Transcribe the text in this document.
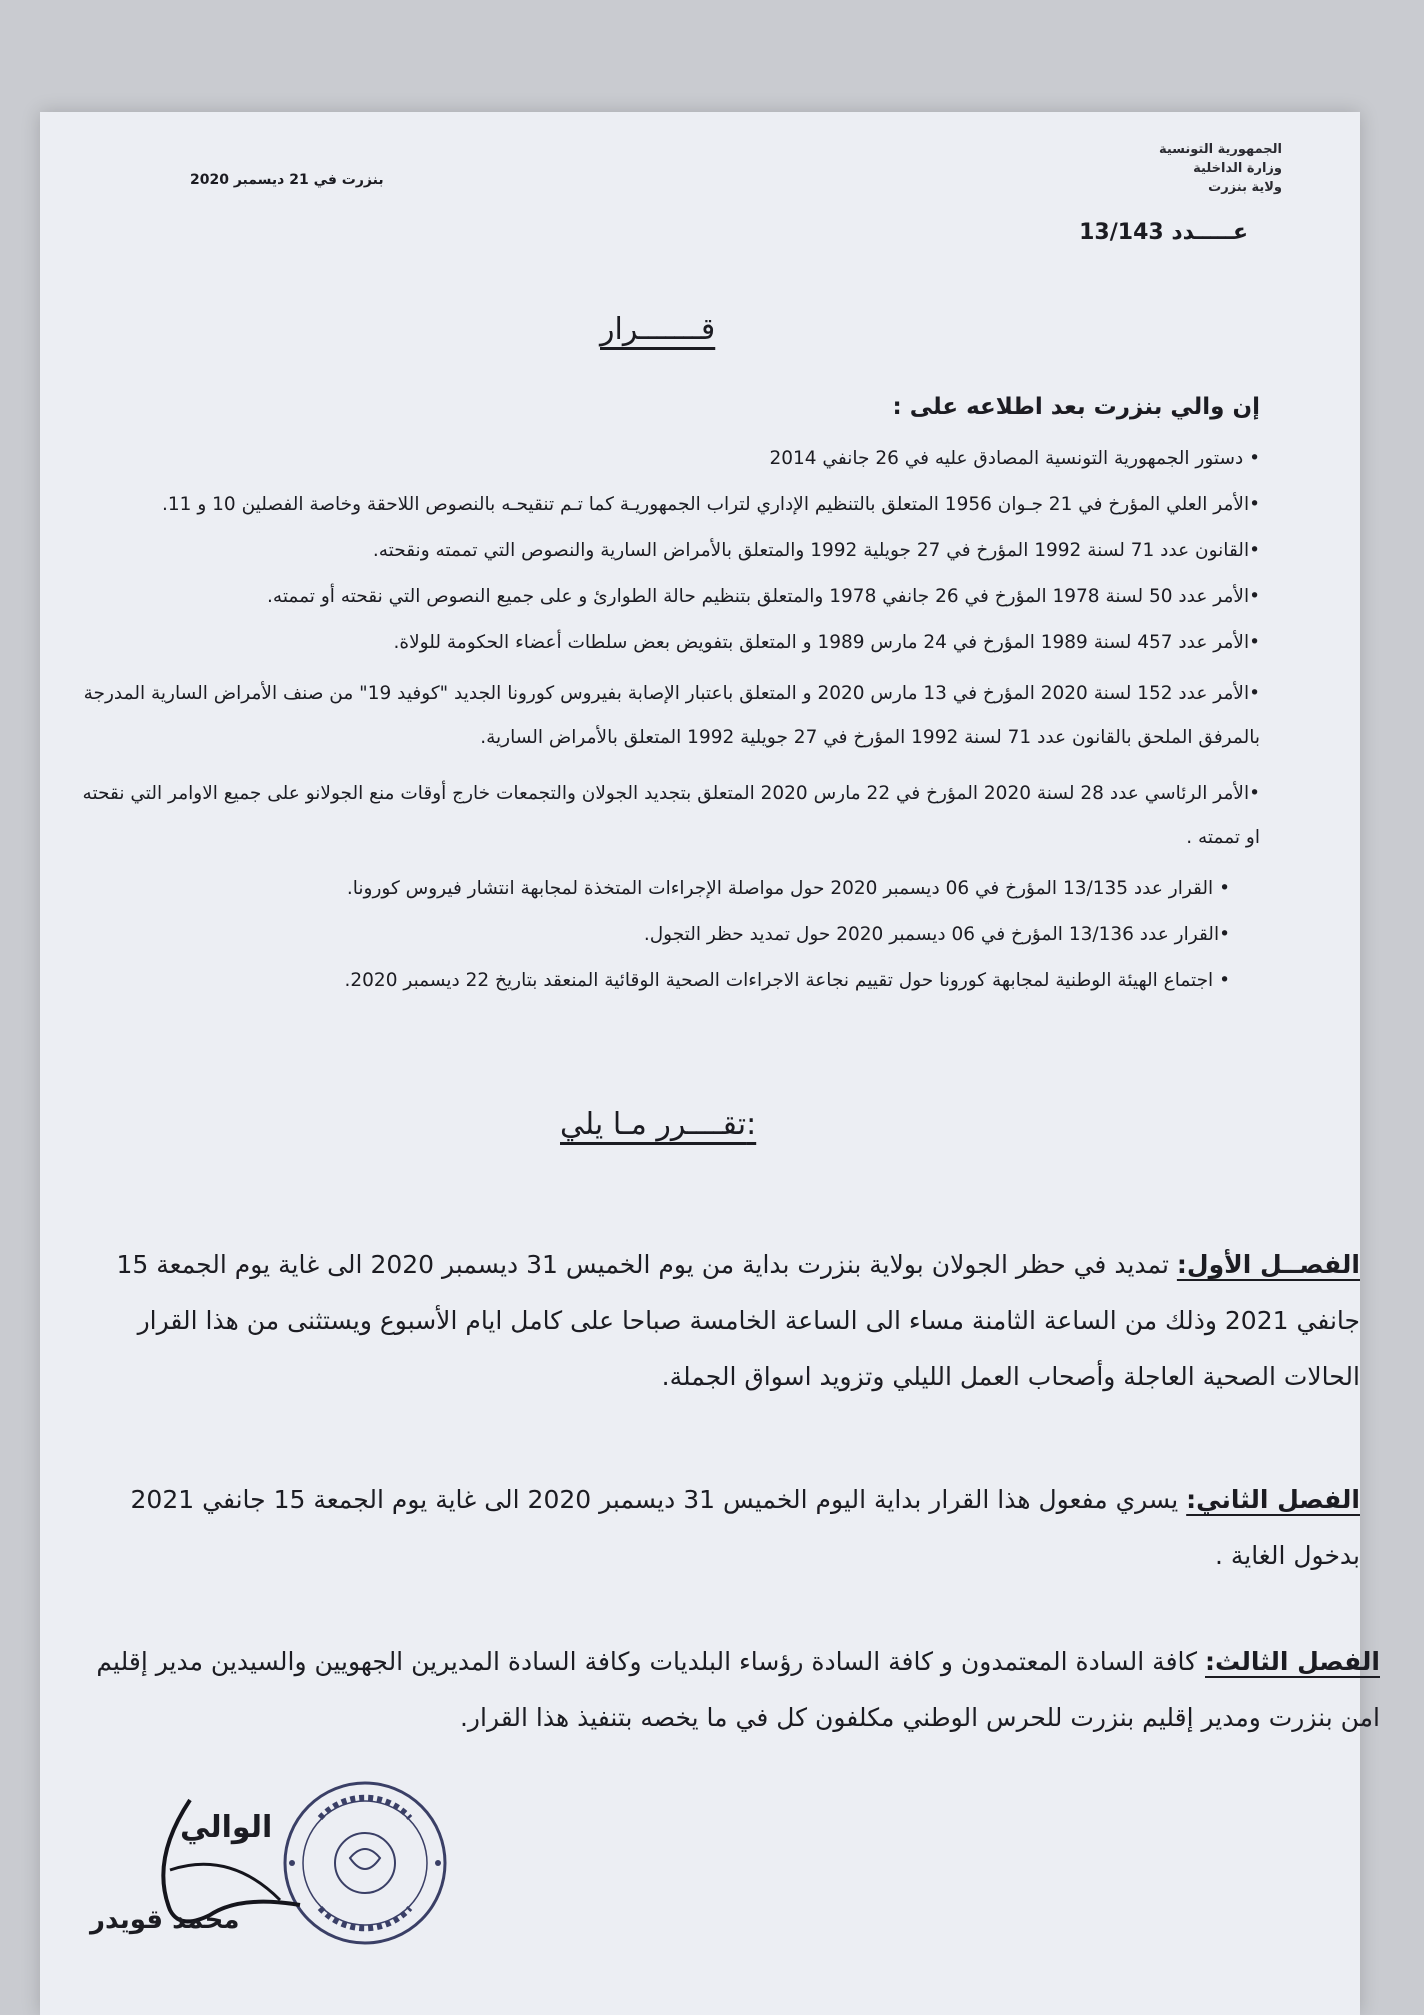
الجمهورية التونسية
وزارة الداخلية
ولاية بنزرت
عـــــدد 13/143
بنزرت في 21 ديسمبر 2020
قـــــــرار
إن والي بنزرت بعد اطلاعه على :
• دستور الجمهورية التونسية المصادق عليه في 26 جانفي 2014
•الأمر العلي المؤرخ في 21 جـوان 1956 المتعلق بالتنظيم الإداري لتراب الجمهوريـة كما تـم تنقيحـه بالنصوص اللاحقة وخاصة الفصلين 10 و 11.
•القانون عدد 71 لسنة 1992 المؤرخ في 27 جويلية 1992 والمتعلق بالأمراض السارية والنصوص التي تممته ونقحته.
•الأمر عدد 50 لسنة 1978 المؤرخ في 26 جانفي 1978 والمتعلق بتنظيم حالة الطوارئ و على جميع النصوص التي نقحته أو تممته.
•الأمر عدد 457 لسنة 1989 المؤرخ في 24 مارس 1989 و المتعلق بتفويض بعض سلطات أعضاء الحكومة للولاة.
•الأمر عدد 152 لسنة 2020 المؤرخ في 13 مارس 2020 و المتعلق باعتبار الإصابة بفيروس كورونا الجديد "كوفيد 19" من صنف الأمراض السارية المدرجة بالمرفق الملحق بالقانون عدد 71 لسنة 1992 المؤرخ في 27 جويلية 1992 المتعلق بالأمراض السارية.
•الأمر الرئاسي عدد 28 لسنة 2020 المؤرخ في 22 مارس 2020 المتعلق بتجديد الجولان والتجمعات خارج أوقات منع الجولانو على جميع الاوامر التي نقحته او تممته .
• القرار عدد 13/135 المؤرخ في 06 ديسمبر 2020 حول مواصلة الإجراءات المتخذة لمجابهة انتشار فيروس كورونا.
•القرار عدد 13/136 المؤرخ في 06 ديسمبر 2020 حول تمديد حظر التجول.
• اجتماع الهيئة الوطنية لمجابهة كورونا حول تقييم نجاعة الاجراءات الصحية الوقائية المنعقد بتاريخ 22 ديسمبر 2020.
تقــــرر مـا يلي:
الفصــل الأول: تمديد في حظر الجولان بولاية بنزرت بداية من يوم الخميس 31 ديسمبر 2020 الى غاية يوم الجمعة 15 جانفي 2021 وذلك من الساعة الثامنة مساء الى الساعة الخامسة صباحا على كامل ايام الأسبوع ويستثنى من هذا القرار الحالات الصحية العاجلة وأصحاب العمل الليلي وتزويد اسواق الجملة.
الفصل الثاني: يسري مفعول هذا القرار بداية اليوم الخميس 31 ديسمبر 2020 الى غاية يوم الجمعة 15 جانفي 2021 بدخول الغاية .
الفصل الثالث: كافة السادة المعتمدون و كافة السادة رؤساء البلديات وكافة السادة المديرين الجهويين والسيدين مدير إقليم امن بنزرت ومدير إقليم بنزرت للحرس الوطني مكلفون كل في ما يخصه بتنفيذ هذا القرار.
الوالي
محمد قويدر
